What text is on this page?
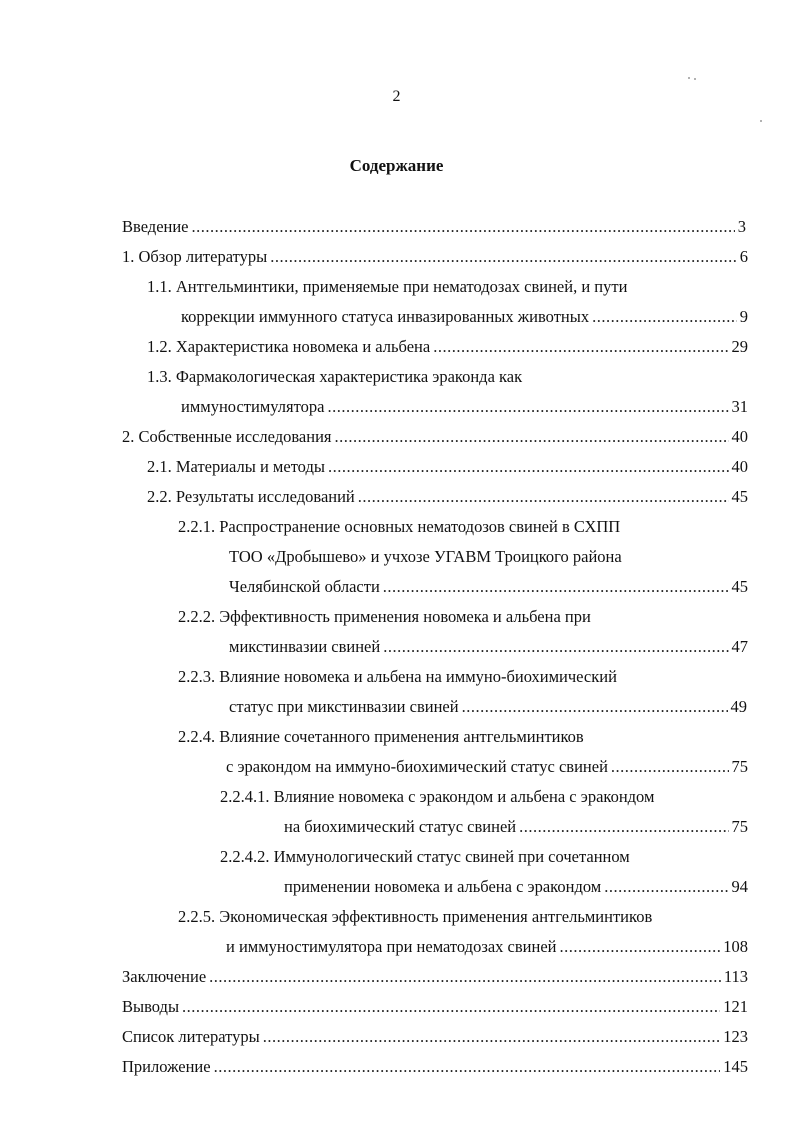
2
Содержание
Введение .....	3
1. Обзор литературы .....	6
1.1. Антгельминтики, применяемые при нематодозах свиней, и пути
коррекции иммунного статуса инвазированных животных .....	9
1.2. Характеристика новомека и альбена .....	29
1.3. Фармакологическая характеристика эраконда как
иммуностимулятора .....	31
2. Собственные исследования .....	40
2.1. Материалы и методы .....	40
2.2. Результаты исследований .....	45
2.2.1. Распространение основных нематодозов свиней в СХПП
ТОО «Дробышево» и учхозе УГАВМ Троицкого района
Челябинской области .....	45
2.2.2. Эффективность применения новомека и альбена при
микстинвазии свиней .....	47
2.2.3. Влияние новомека и альбена на иммуно-биохимический
статус при микстинвазии свиней .....	49
2.2.4. Влияние сочетанного применения антгельминтиков
с эракондом на иммуно-биохимический статус свиней .....	75
2.2.4.1. Влияние новомека с эракондом и альбена с эракондом
на биохимический статус свиней .....	75
2.2.4.2. Иммунологический статус свиней при сочетанном
применении новомека и альбена с эракондом .....	94
2.2.5. Экономическая эффективность применения антгельминтиков
и иммуностимулятора при нематодозах свиней .....	108
Заключение .....	113
Выводы .....	121
Список литературы .....	123
Приложение .....	145
